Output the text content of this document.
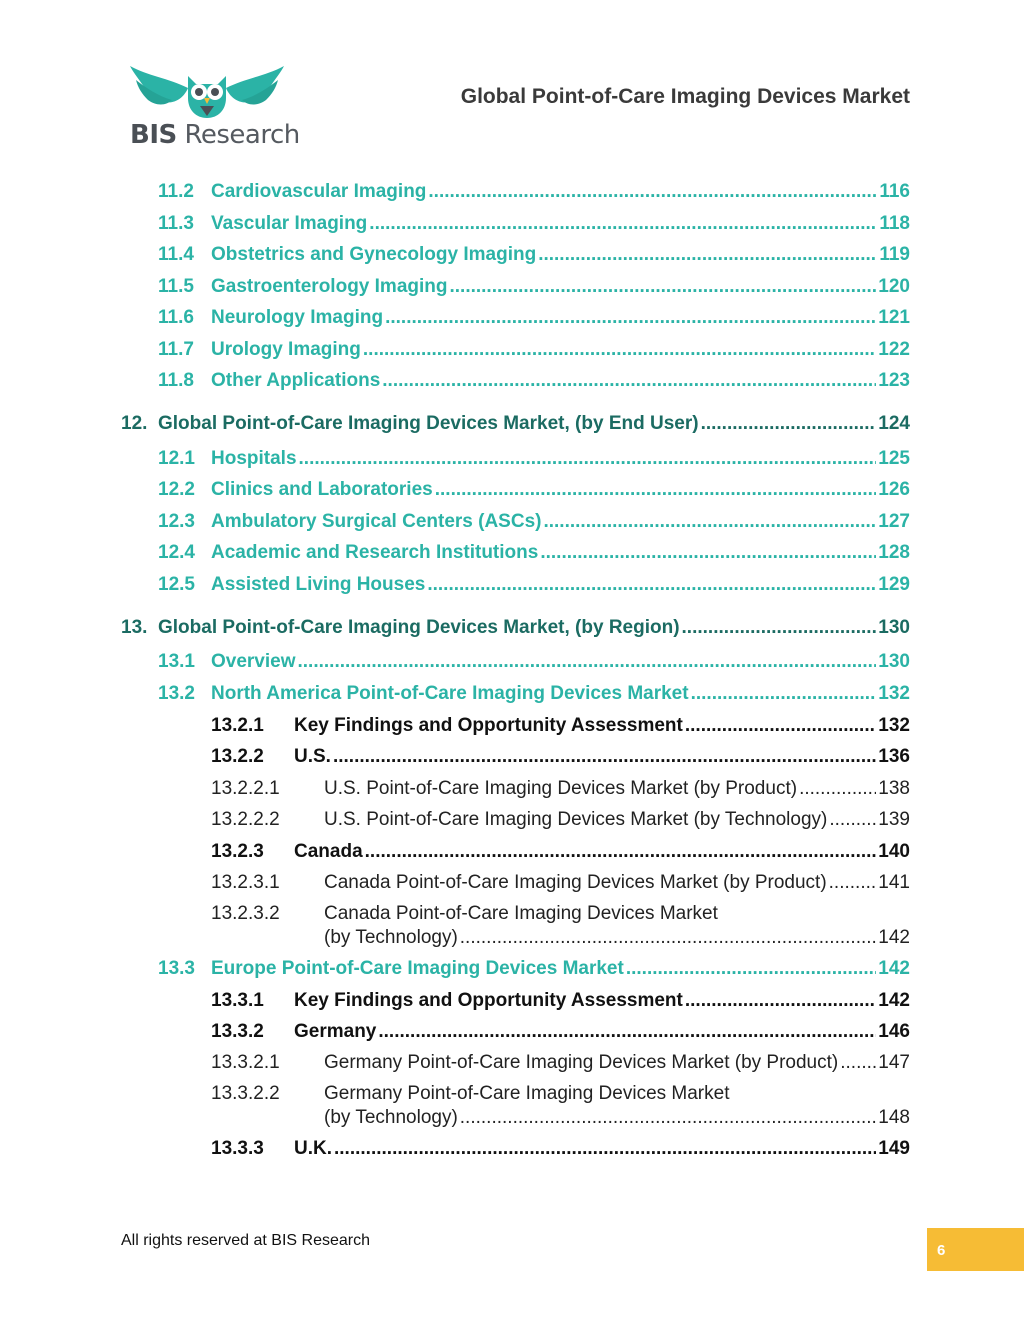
BIS Research
Global Point-of-Care Imaging Devices Market
11.2 Cardiovascular Imaging .....	116
11.3 Vascular Imaging .....	118
11.4 Obstetrics and Gynecology Imaging .....	119
11.5 Gastroenterology Imaging .....	120
11.6 Neurology Imaging .....	121
11.7 Urology Imaging .....	122
11.8 Other Applications .....	123
12. Global Point-of-Care Imaging Devices Market, (by End User) .....	124
12.1 Hospitals .....	125
12.2 Clinics and Laboratories .....	126
12.3 Ambulatory Surgical Centers (ASCs) .....	127
12.4 Academic and Research Institutions .....	128
12.5 Assisted Living Houses .....	129
13. Global Point-of-Care Imaging Devices Market, (by Region) .....	130
13.1 Overview .....	130
13.2 North America Point-of-Care Imaging Devices Market .....	132
13.2.1	Key Findings and Opportunity Assessment .....	132
13.2.2	U.S. .....	136
13.2.2.1	U.S. Point-of-Care Imaging Devices Market (by Product) .....	138
13.2.2.2	U.S. Point-of-Care Imaging Devices Market (by Technology) .....	139
13.2.3	Canada .....	140
13.2.3.1	Canada Point-of-Care Imaging Devices Market (by Product) .....	141
13.2.3.2 Canada Point-of-Care Imaging Devices Market
(by Technology) .....	142
13.3 Europe Point-of-Care Imaging Devices Market .....	142
13.3.1	Key Findings and Opportunity Assessment .....	142
13.3.2	Germany .....	146
13.3.2.1	Germany Point-of-Care Imaging Devices Market (by Product) ..... 147
13.3.2.2 Germany Point-of-Care Imaging Devices Market
(by Technology) .....	148
13.3.3	U.K. .....	149
All rights reserved at BIS Research
6
